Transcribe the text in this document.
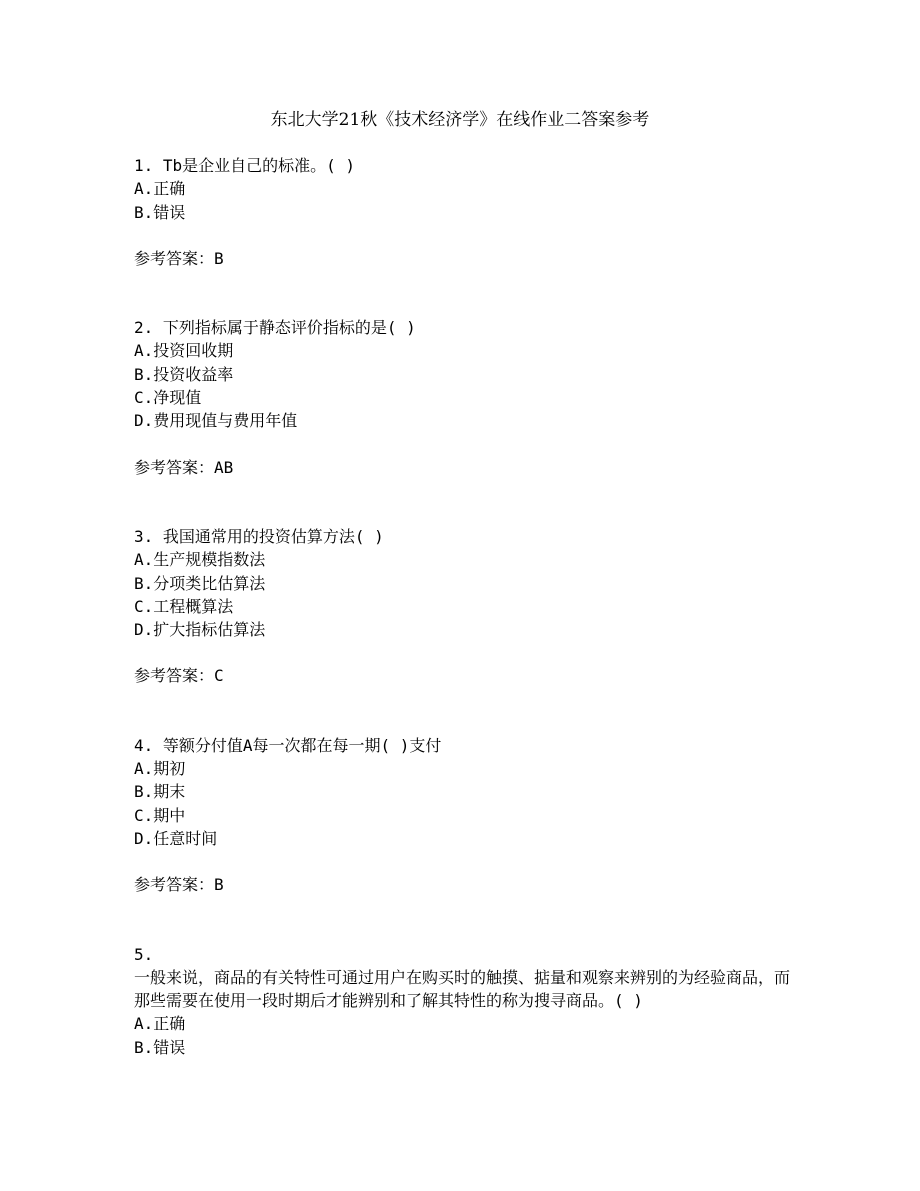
东北大学21秋《技术经济学》在线作业二答案参考
1. Tb是企业自己的标准。( )
A.正确
B.错误
参考答案：B
2. 下列指标属于静态评价指标的是( )
A.投资回收期
B.投资收益率
C.净现值
D.费用现值与费用年值
参考答案：AB
3. 我国通常用的投资估算方法( )
A.生产规模指数法
B.分项类比估算法
C.工程概算法
D.扩大指标估算法
参考答案：C
4. 等额分付值A每一次都在每一期( )支付
A.期初
B.期末
C.期中
D.任意时间
参考答案：B
5.
一般来说，商品的有关特性可通过用户在购买时的触摸、掂量和观察来辨别的为经验商品，而那些需要在使用一段时期后才能辨别和了解其特性的称为搜寻商品。( )
A.正确
B.错误
